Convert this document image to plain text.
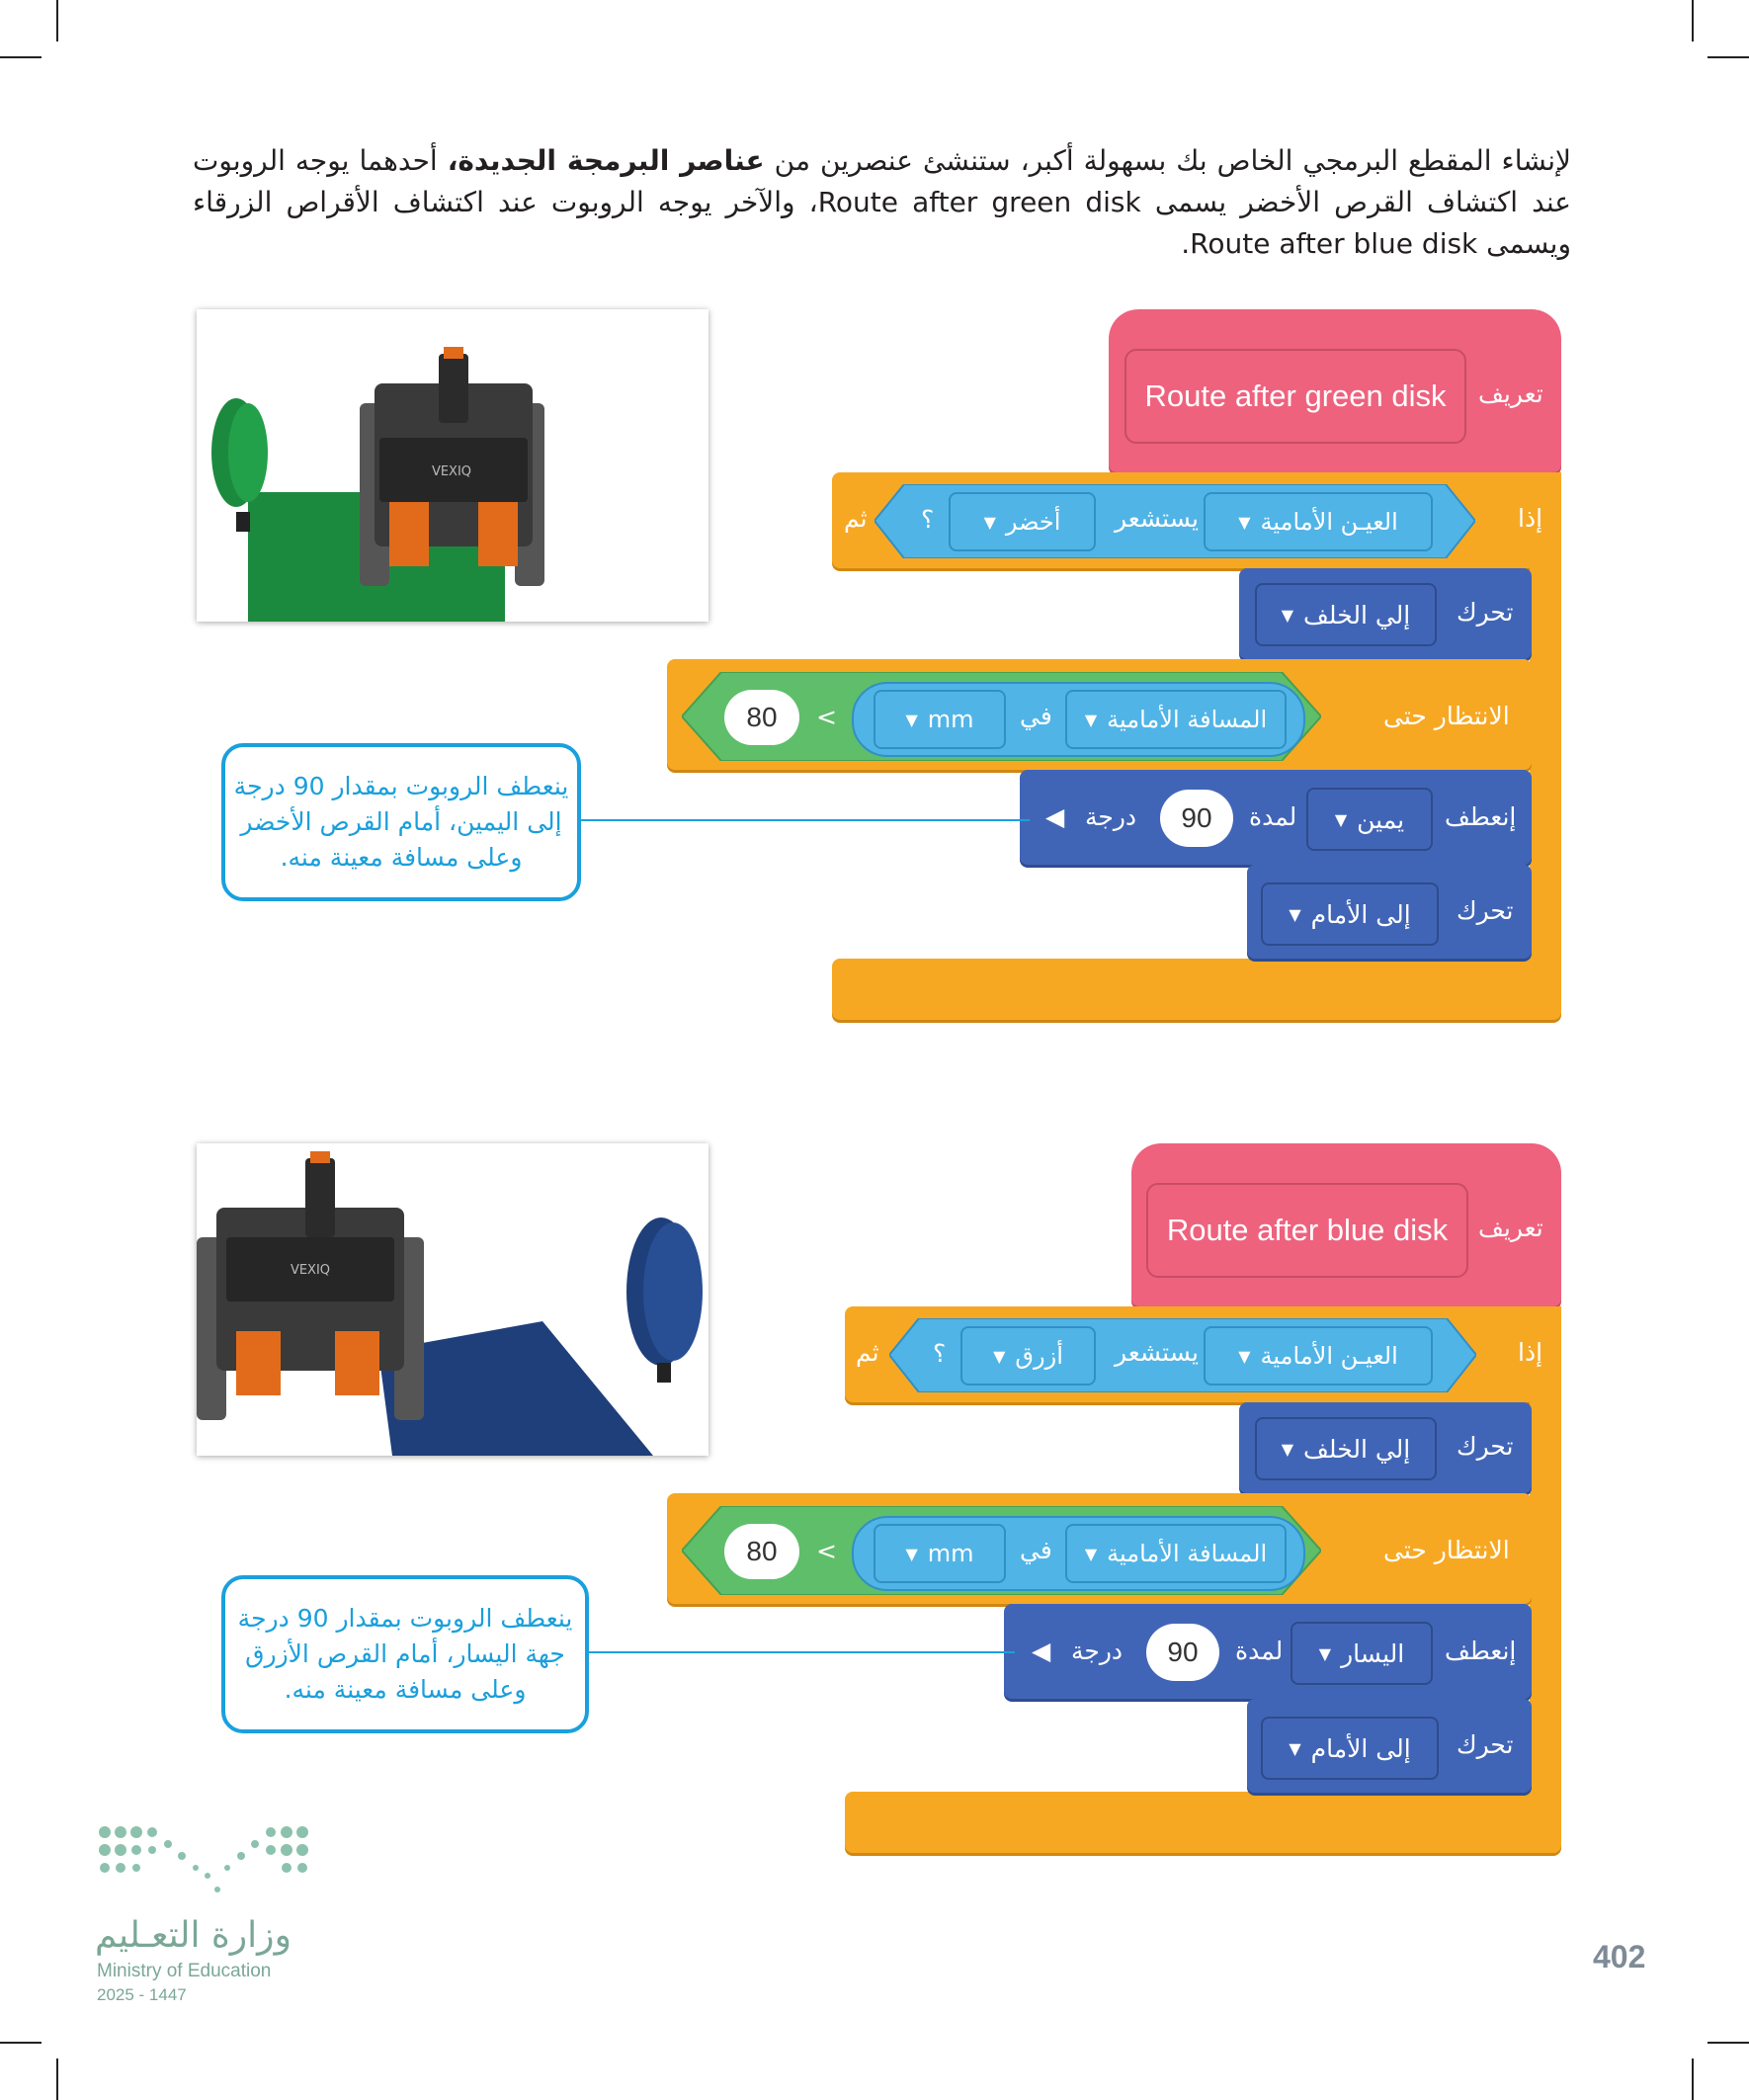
لإنشاء المقطع البرمجي الخاص بك بسهولة أكبر، ستنشئ عنصرين من عناصر البرمجة الجديدة، أحدهما يوجه الروبوت عند اكتشاف القرص الأخضر يسمى Route after green disk، والآخر يوجه الروبوت عند اكتشاف الأقراص الزرقاء ويسمى Route after blue disk.
VEXIQ
Route after green disk	تعريف
إذا
ثم ؟	▼ أخضر يستشعر	▼ العيـن الأمامية
▼ إلي الخلف تحرك
80	<	▼ mm في ▼ المسافة الأمامية	الانتظار حتى
◀ درجة	90	لمدة ▼ يمين إنعطف
▼ إلى الأمام تحرك
ينعطف الروبوت بمقدار 90 درجة إلى اليمين، أمام القرص الأخضر وعلى مسافة معينة منه.
VEXIQ
Route after blue disk	تعريف
إذا
ثم ؟	▼ أزرق يستشعر	▼ العيـن الأمامية
▼ إلي الخلف تحرك
80	<	▼ mm في ▼ المسافة الأمامية	الانتظار حتى
◀ درجة	90	لمدة ▼ اليسار إنعطف
▼ إلى الأمام تحرك
ينعطف الروبوت بمقدار 90 درجة جهة اليسار، أمام القرص الأزرق وعلى مسافة معينة منه.
وزارة التعـليم
Ministry of Education
2025 - 1447
402
